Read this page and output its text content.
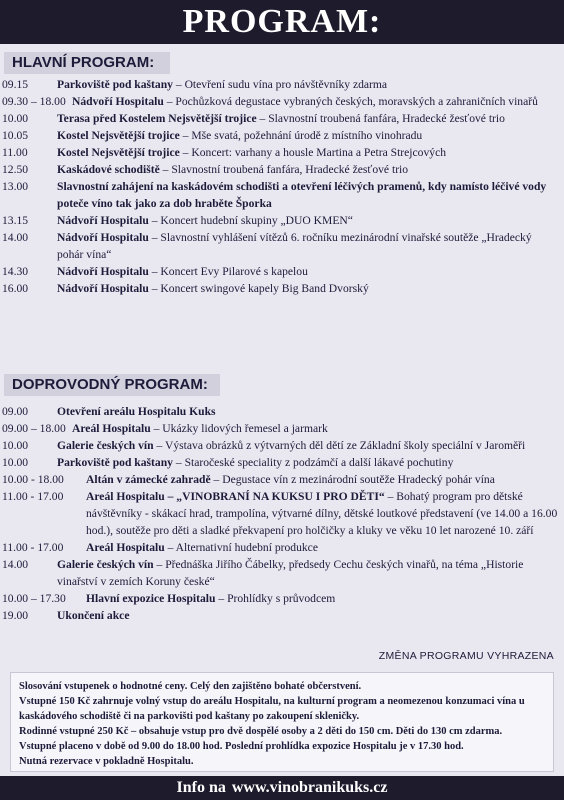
PROGRAM:
HLAVNÍ PROGRAM:
09.15	Parkoviště pod kaštany – Otevření sudu vína pro návštěvníky zdarma
09.30 – 18.00 Nádvoří Hospitalu – Pochůzková degustace vybraných českých, moravských a zahraničních vinařů
10.00	Terasa před Kostelem Nejsvětější trojice – Slavnostní troubená fanfára, Hradecké žesťové trio
10.05	Kostel Nejsvětější trojice – Mše svatá, požehnání úrodě z místního vinohradu
11.00	Kostel Nejsvětější trojice – Koncert: varhany a housle Martina a Petra Strejcových
12.50	Kaskádové schodiště – Slavnostní troubená fanfára, Hradecké žesťové trio
13.00	Slavnostní zahájení na kaskádovém schodišti a otevření léčivých pramenů, kdy namísto léčivé vody poteče víno tak jako za dob hraběte Šporka
13.15	Nádvoří Hospitalu – Koncert hudební skupiny „DUO KMEN“
14.00	Nádvoří Hospitalu – Slavnostní vyhlášení vítězů 6. ročníku mezinárodní vinařské soutěže „Hradecký pohár vína“
14.30	Nádvoří Hospitalu – Koncert Evy Pilarové s kapelou
16.00	Nádvoří Hospitalu – Koncert swingové kapely Big Band Dvorský
DOPROVODNÝ PROGRAM:
09.00	Otevření areálu Hospitalu Kuks
09.00 – 18.00 Areál Hospitalu – Ukázky lidových řemesel a jarmark
10.00	Galerie českých vín – Výstava obrázků z výtvarných děl dětí ze Základní školy speciální v Jaroměři
10.00	Parkoviště pod kaštany – Staročeské speciality z podzámčí a další lákavé pochutiny
10.00 - 18.00	Altán v zámecké zahradě – Degustace vín z mezinárodní soutěže Hradecký pohár vína
11.00 - 17.00	Areál Hospitalu – „VINOBRANÍ NA KUKSU I PRO DĚTI“ – Bohatý program pro dětské návštěvníky - skákací hrad, trampolína, výtvarné dílny, dětské loutkové představení (ve 14.00 a 16.00 hod.), soutěže pro děti a sladké překvapení pro holčičky a kluky ve věku 10 let narozené 10. září
11.00 - 17.00	Areál Hospitalu – Alternativní hudební produkce
14.00	Galerie českých vín – Přednáška Jiřího Čábelky, předsedy Cechu českých vinařů, na téma „Historie vinařství v zemích Koruny české“
10.00 – 17.30	Hlavní expozice Hospitalu – Prohlídky s průvodcem
19.00	Ukončení akce
ZMĚNA PROGRAMU VYHRAZENA
Slosování vstupenek o hodnotné ceny. Celý den zajištěno bohaté občerstvení.
Vstupné 150 Kč zahrnuje volný vstup do areálu Hospitalu, na kulturní program a neomezenou konzumaci vína u kaskádového schodiště či na parkovišti pod kaštany po zakoupení skleničky.
Rodinné vstupné 250 Kč – obsahuje vstup pro dvě dospělé osoby a 2 děti do 150 cm. Děti do 130 cm zdarma.
Vstupné placeno v době od 9.00 do 18.00 hod. Poslední prohlídka expozice Hospitalu je v 17.30 hod.
Nutná rezervace v pokladně Hospitalu.
Info na www.vinobranikuks.cz
